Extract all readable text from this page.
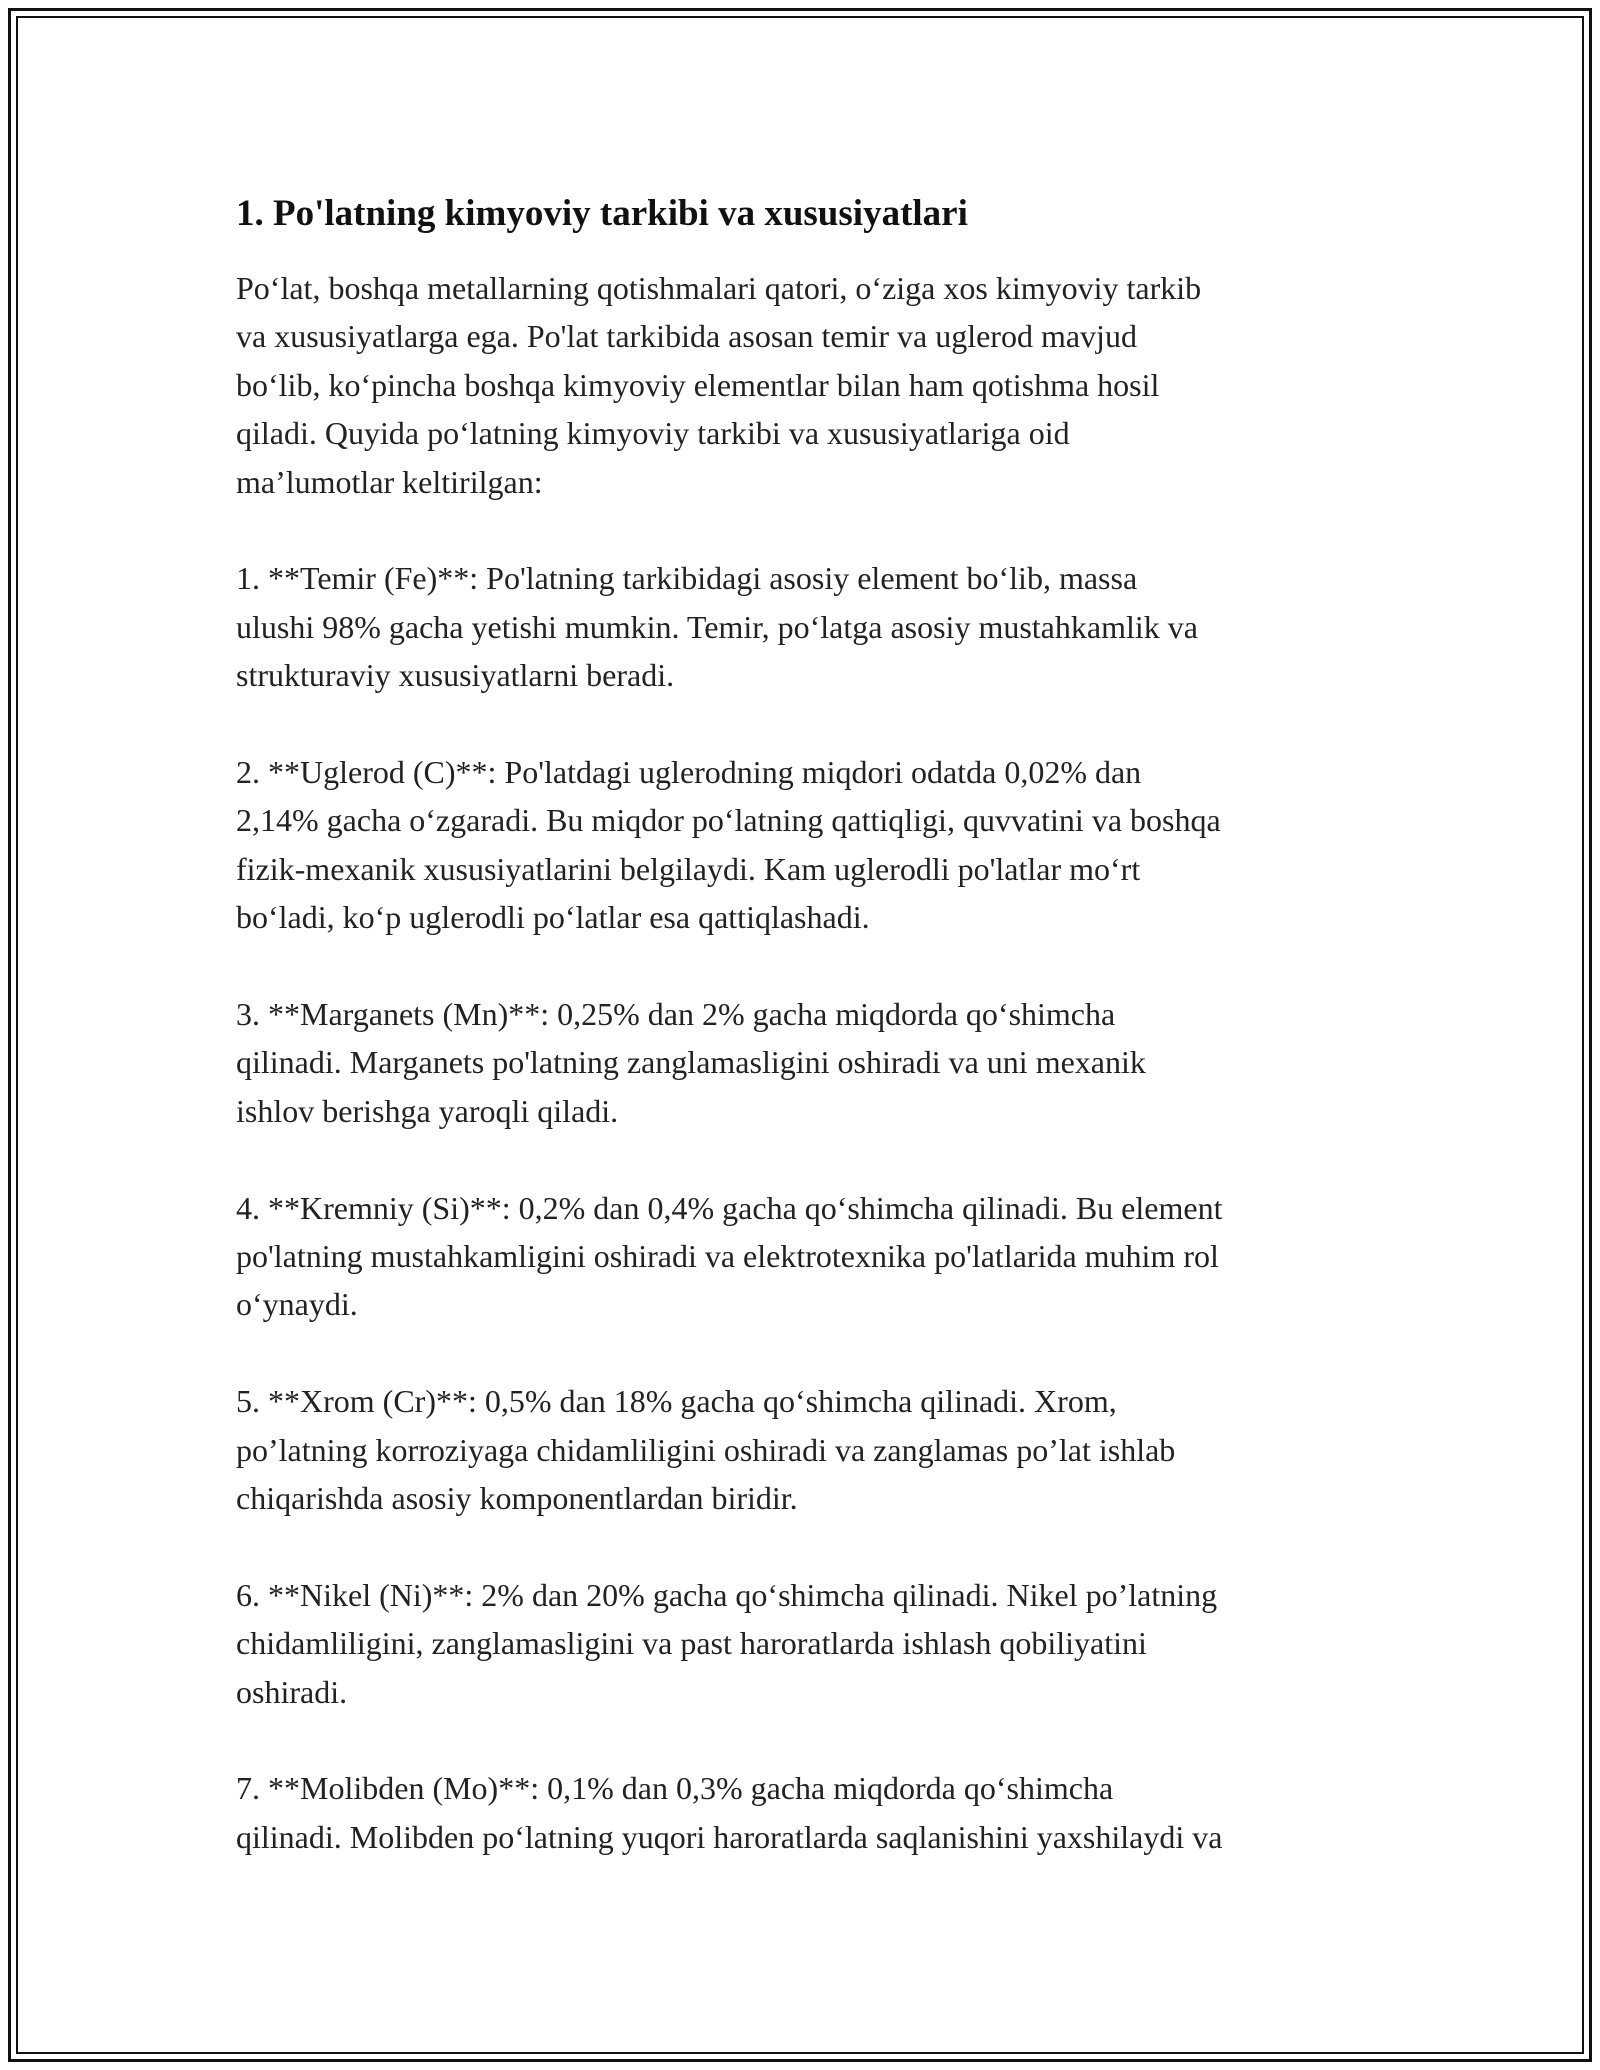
1. Po'latning kimyoviy tarkibi va xususiyatlari

Po‘lat, boshqa metallarning qotishmalari qatori, o‘ziga xos kimyoviy tarkib
va xususiyatlarga ega. Po'lat tarkibida asosan temir va uglerod mavjud
bo‘lib, ko‘pincha boshqa kimyoviy elementlar bilan ham qotishma hosil
qiladi. Quyida po‘latning kimyoviy tarkibi va xususiyatlariga oid
ma’lumotlar keltirilgan:

1. **Temir (Fe)**: Po'latning tarkibidagi asosiy element bo‘lib, massa
ulushi 98% gacha yetishi mumkin. Temir, po‘latga asosiy mustahkamlik va
strukturaviy xususiyatlarni beradi.

2. **Uglerod (C)**: Po'latdagi uglerodning miqdori odatda 0,02% dan
2,14% gacha o‘zgaradi. Bu miqdor po‘latning qattiqligi, quvvatini va boshqa
fizik-mexanik xususiyatlarini belgilaydi. Kam uglerodli po'latlar mo‘rt
bo‘ladi, ko‘p uglerodli po‘latlar esa qattiqlashadi.

3. **Marganets (Mn)**: 0,25% dan 2% gacha miqdorda qo‘shimcha
qilinadi. Marganets po'latning zanglamasligini oshiradi va uni mexanik
ishlov berishga yaroqli qiladi.

4. **Kremniy (Si)**: 0,2% dan 0,4% gacha qo‘shimcha qilinadi. Bu element
po'latning mustahkamligini oshiradi va elektrotexnika po'latlarida muhim rol
o‘ynaydi.

5. **Xrom (Cr)**: 0,5% dan 18% gacha qo‘shimcha qilinadi. Xrom,
po’latning korroziyaga chidamliligini oshiradi va zanglamas po’lat ishlab
chiqarishda asosiy komponentlardan biridir.

6. **Nikel (Ni)**: 2% dan 20% gacha qo‘shimcha qilinadi. Nikel po’latning
chidamliligini, zanglamasligini va past haroratlarda ishlash qobiliyatini
oshiradi.

7. **Molibden (Mo)**: 0,1% dan 0,3% gacha miqdorda qo‘shimcha
qilinadi. Molibden po‘latning yuqori haroratlarda saqlanishini yaxshilaydi va
